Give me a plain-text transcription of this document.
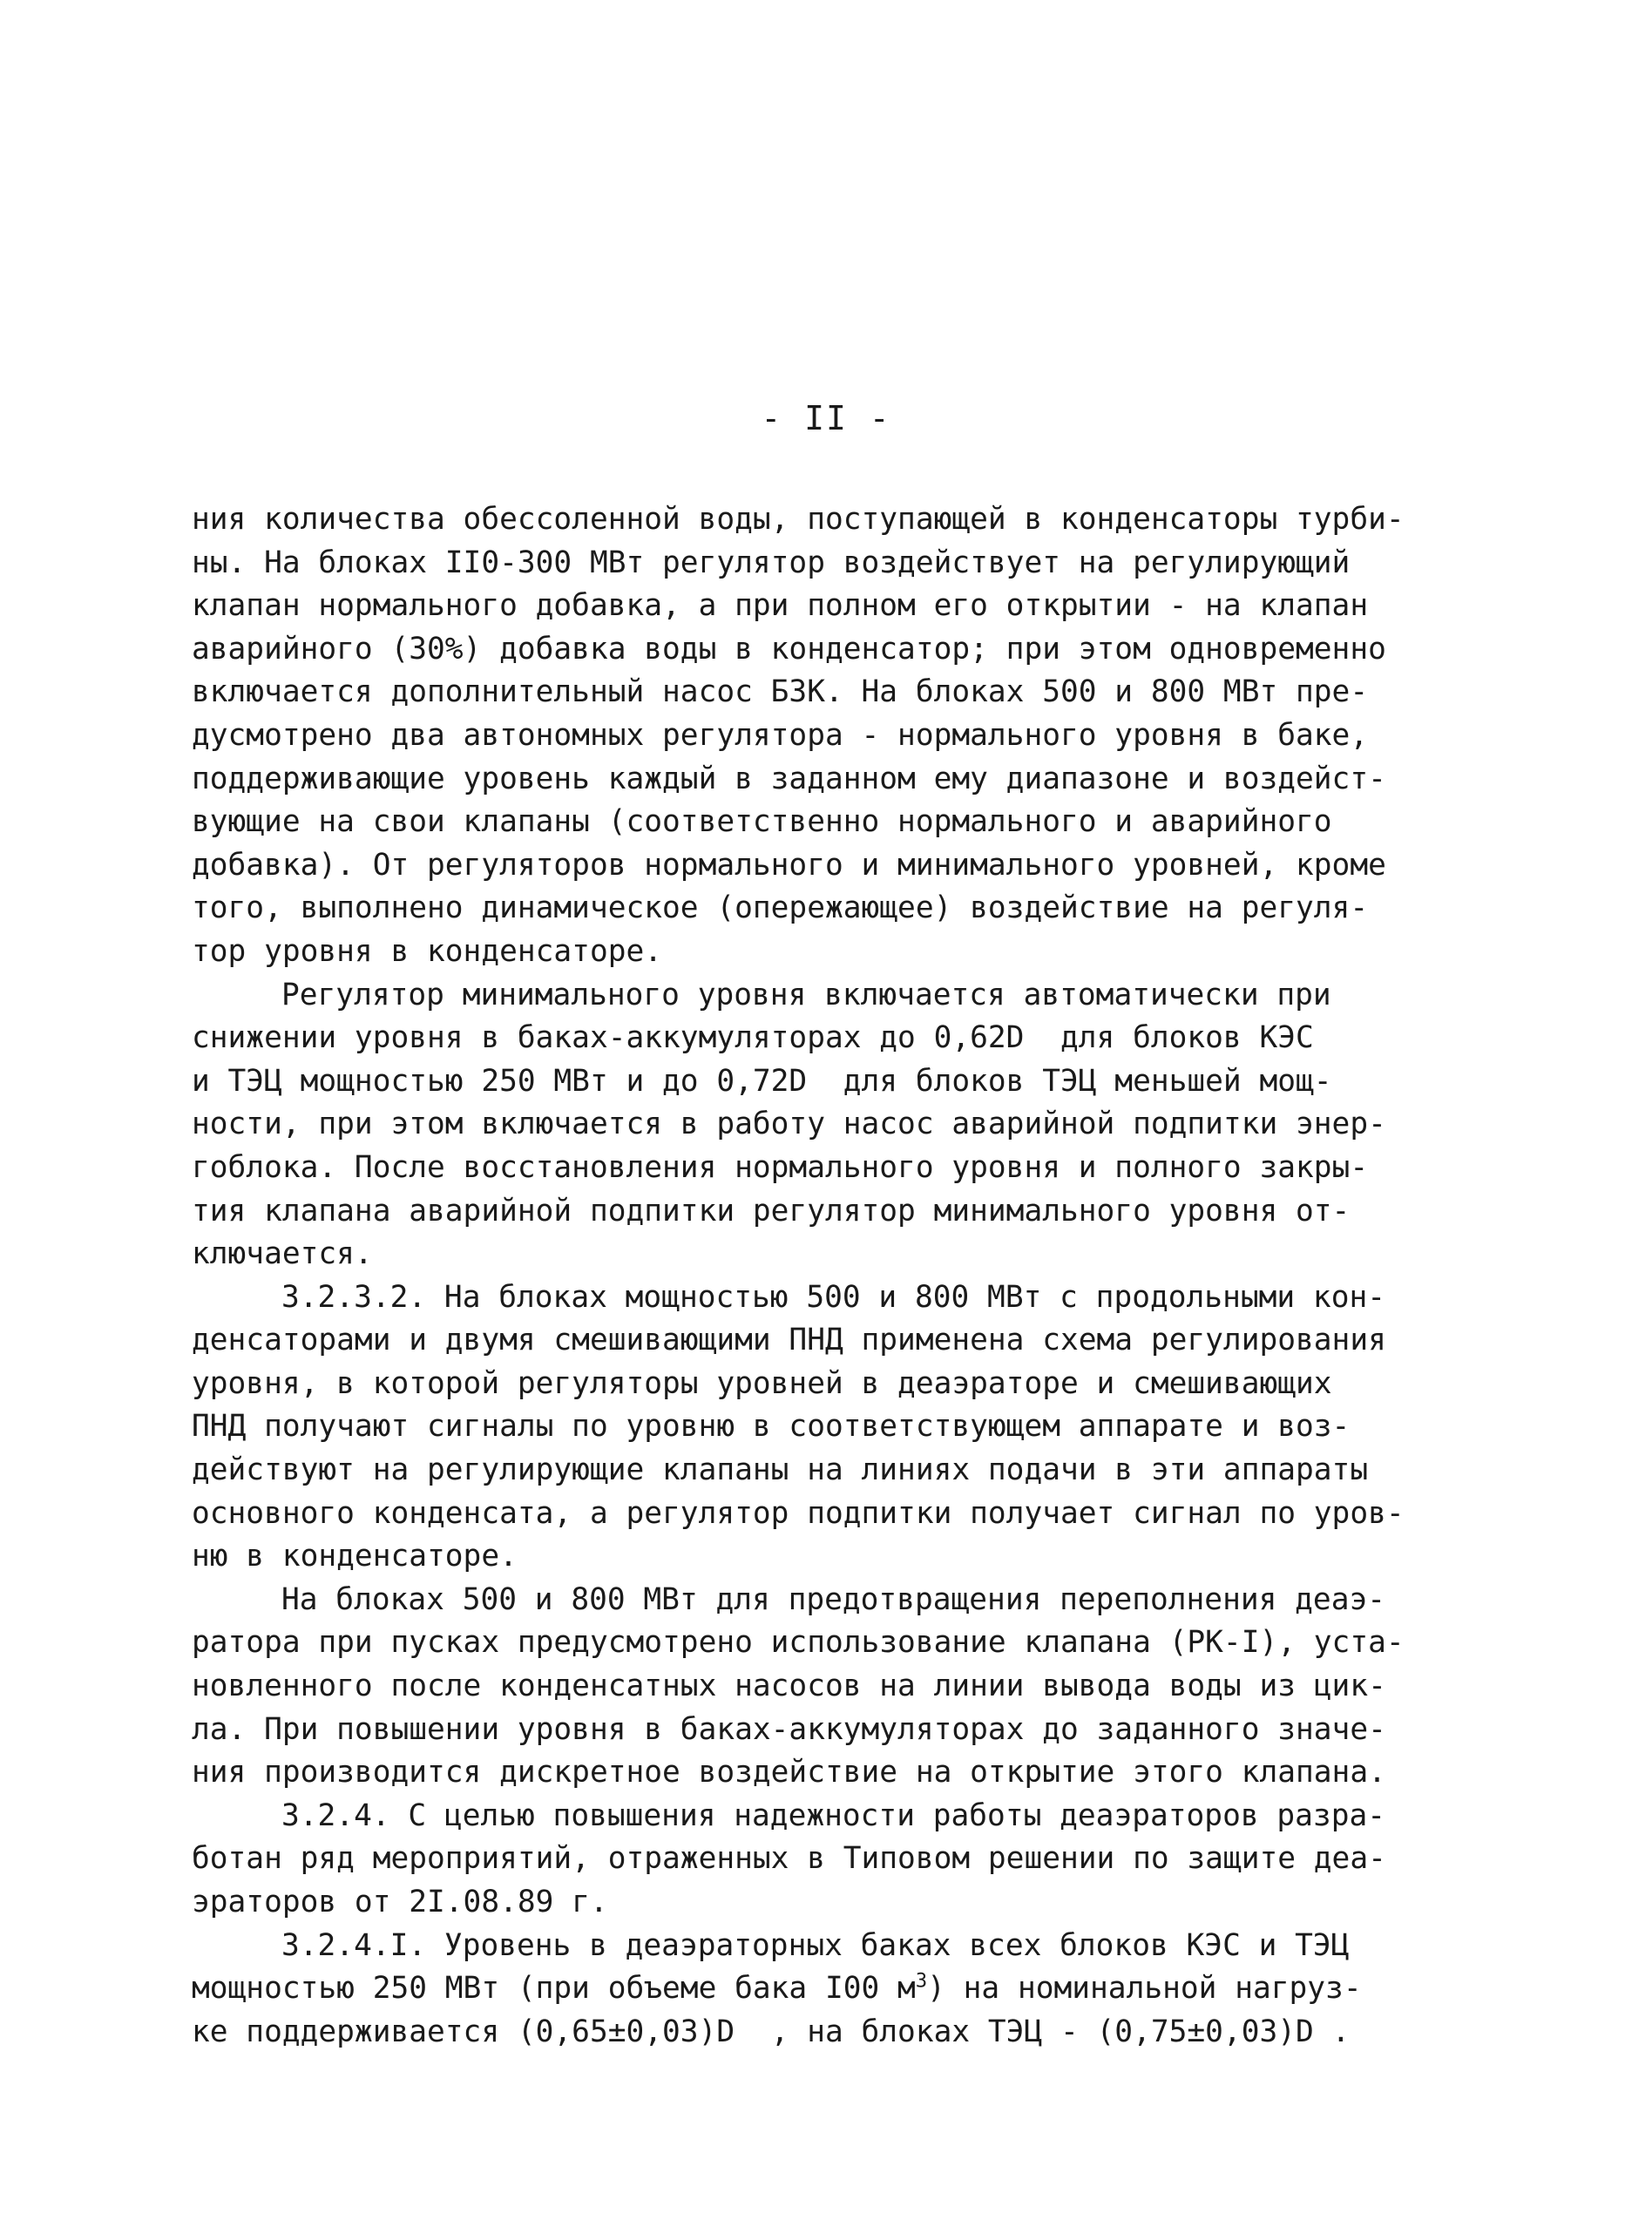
- II -
ния количества обессоленной воды, поступающей в конденсаторы турби-
ны. На блоках II0-300 МВт регулятор воздействует на регулирующий
клапан нормального добавка, а при полном его открытии - на клапан
аварийного (30%) добавка воды в конденсатор; при этом одновременно
включается дополнительный насос БЗК. На блоках 500 и 800 МВт пре-
дусмотрено два автономных регулятора - нормального уровня в баке,
поддерживающие уровень каждый в заданном ему диапазоне и воздейст-
вующие на свои клапаны (соответственно нормального и аварийного
добавка). От регуляторов нормального и минимального уровней, кроме
того, выполнено динамическое (опережающее) воздействие на регуля-
тор уровня в конденсаторе.
Регулятор минимального уровня включается автоматически при
снижении уровня в баках-аккумуляторах до 0,62D  для блоков КЭС
и ТЭЦ мощностью 250 МВт и до 0,72D  для блоков ТЭЦ меньшей мощ-
ности, при этом включается в работу насос аварийной подпитки энер-
гоблока. После восстановления нормального уровня и полного закры-
тия клапана аварийной подпитки регулятор минимального уровня от-
ключается.
3.2.3.2. На блоках мощностью 500 и 800 МВт с продольными кон-
денсаторами и двумя смешивающими ПНД применена схема регулирования
уровня, в которой регуляторы уровней в деаэраторе и смешивающих
ПНД получают сигналы по уровню в соответствующем аппарате и воз-
действуют на регулирующие клапаны на линиях подачи в эти аппараты
основного конденсата, а регулятор подпитки получает сигнал по уров-
ню в конденсаторе.
На блоках 500 и 800 МВт для предотвращения переполнения деаэ-
ратора при пусках предусмотрено использование клапана (РК-I), уста-
новленного после конденсатных насосов на линии вывода воды из цик-
ла. При повышении уровня в баках-аккумуляторах до заданного значе-
ния производится дискретное воздействие на открытие этого клапана.
3.2.4. С целью повышения надежности работы деаэраторов разра-
ботан ряд мероприятий, отраженных в Типовом решении по защите деа-
эраторов от 2I.08.89 г.
3.2.4.I. Уровень в деаэраторных баках всех блоков КЭС и ТЭЦ
мощностью 250 МВт (при объеме бака I00 $м^3$) на номинальной нагруз-
ке поддерживается (0,65±0,03)D  , на блоках ТЭЦ - (0,75±0,03)D .
